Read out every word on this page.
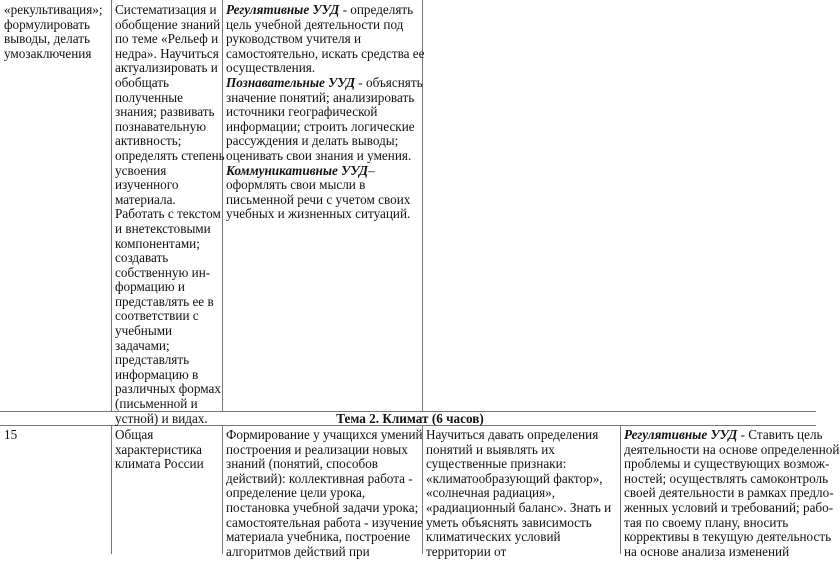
«рекультивация»;
формулировать
выводы, делать
умозаключения
Систематизация и
обобщение знаний
по теме «Рельеф и
недра». Научиться
актуализировать и
обобщать
полученные
знания; развивать
познавательную
активность;
определять степень
усвоения
изученного
материала.
Работать с текстом
и внетекстовыми
компонентами;
создавать
собственную ин-
формацию и
представлять ее в
соответствии с
учебными
задачами;
представлять
информацию в
различных формах
(письменной и
устной) и видах.
Регулятивные УУД - определять
цель учебной деятельности под
руководством учителя и
самостоятельно, искать средства ее
осуществления.
Познавательные УУД - объяснять
значение понятий; анализировать
источники географической
информации; строить логические
рассуждения и делать выводы;
оценивать свои знания и умения.
Коммуникативные УУД–
оформлять свои мысли в
письменной речи с учетом своих
учебных и жизненных ситуаций.
Тема 2. Климат (6 часов)
15	Общая
характеристика
климата России
Формирование у учащихся умений
построения и реализации новых
знаний (понятий, способов
действий): коллективная работа -
определение цели урока,
постановка учебной задачи урока;
самостоятельная работа - изучение
материала учебника, построение
алгоритмов действий при
Научиться давать определения
понятий и выявлять их
существенные признаки:
«климатообразующий фактор»,
«солнечная радиация»,
«радиационный баланс». Знать и
уметь объяснять зависимость
климатических условий
территории от
Регулятивные УУД - Ставить цель
деятельности на основе определенной
проблемы и существующих возмож-
ностей; осуществлять самоконтроль
своей деятельности в рамках предло-
женных условий и требований; рабо-
тая по своему плану, вносить
коррективы в текущую деятельность
на основе анализа изменений
